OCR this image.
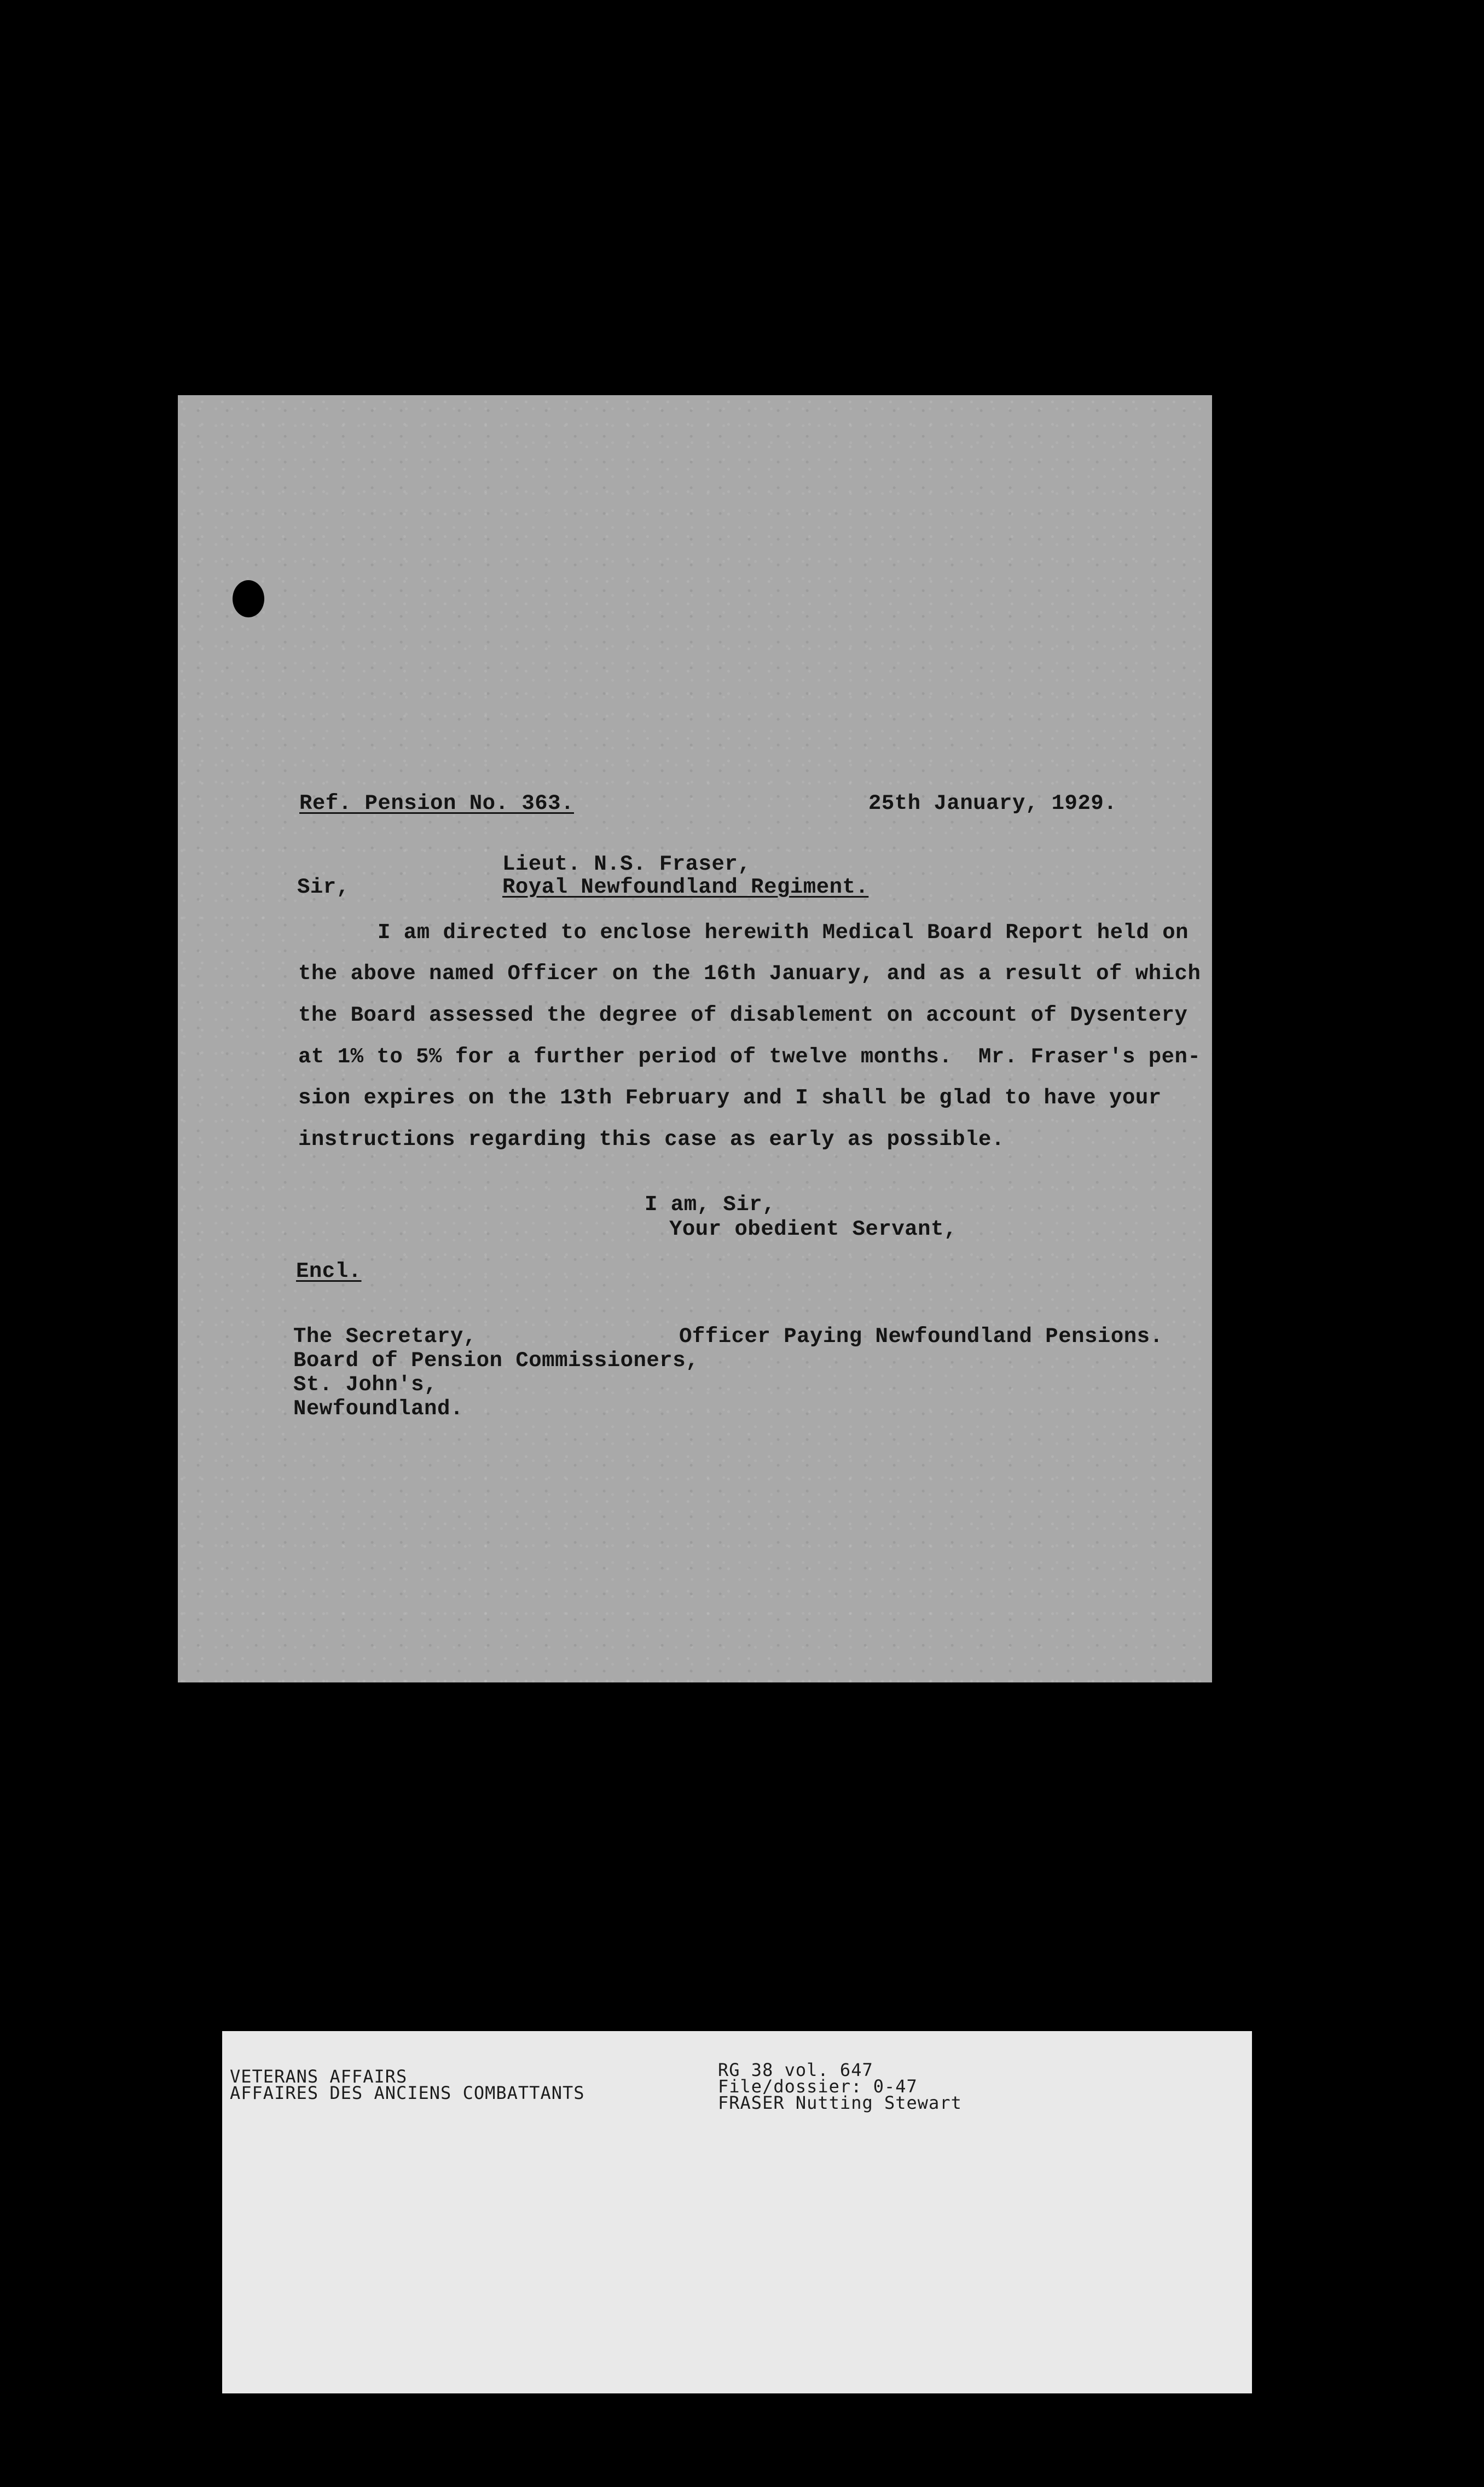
Ref. Pension No. 363.	25th January, 1929.
Lieut. N.S. Fraser,
Sir,	Royal Newfoundland Regiment.
I am directed to enclose herewith Medical Board Report held on
the above named Officer on the 16th January, and as a result of which
the Board assessed the degree of disablement on account of Dysentery
at 1% to 5% for a further period of twelve months.  Mr. Fraser's pen-
sion expires on the 13th February and I shall be glad to have your
instructions regarding this case as early as possible.
I am, Sir,
Your obedient Servant,
Encl.
The Secretary,	Officer Paying Newfoundland Pensions.
Board of Pension Commissioners,
St. John's,
Newfoundland.
VETERANS AFFAIRS
AFFAIRES DES ANCIENS COMBATTANTS
RG 38 vol. 647
File/dossier: 0-47
FRASER Nutting Stewart
